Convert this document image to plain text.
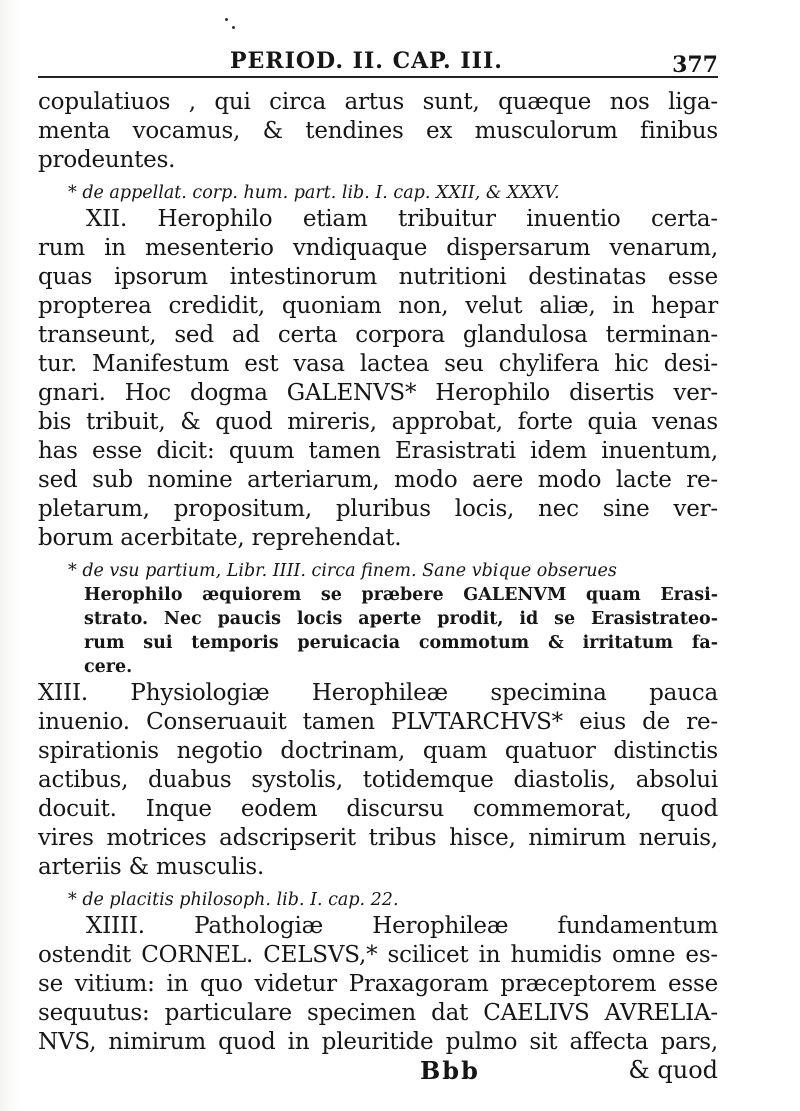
PERIOD. II. CAP. III.	377
copulatiuos , qui circa artus sunt, quæque nos liga-
menta vocamus, & tendines ex musculorum finibus
prodeuntes.
* de appellat. corp. hum. part. lib. I. cap. XXII, & XXXV.
XII. Herophilo etiam tribuitur inuentio certa-
rum in mesenterio vndiquaque dispersarum venarum,
quas ipsorum intestinorum nutritioni destinatas esse
propterea credidit, quoniam non, velut aliæ, in hepar
transeunt, sed ad certa corpora glandulosa terminan-
tur. Manifestum est vasa lactea seu chylifera hic desi-
gnari. Hoc dogma GALENVS* Herophilo disertis ver-
bis tribuit, & quod mireris, approbat, forte quia venas
has esse dicit: quum tamen Erasistrati idem inuentum,
sed sub nomine arteriarum, modo aere modo lacte re-
pletarum, propositum, pluribus locis, nec sine ver-
borum acerbitate, reprehendat.
* de vsu partium, Libr. IIII. circa finem. Sane vbique obserues
Herophilo æquiorem se præbere GALENVM quam Erasi-
strato. Nec paucis locis aperte prodit, id se Erasistrateo-
rum sui temporis peruicacia commotum & irritatum fa-
cere.
XIII. Physiologiæ Herophileæ specimina pauca
inuenio. Conseruauit tamen PLVTARCHVS* eius de re-
spirationis negotio doctrinam, quam quatuor distinctis
actibus, duabus systolis, totidemque diastolis, absolui
docuit. Inque eodem discursu commemorat, quod
vires motrices adscripserit tribus hisce, nimirum neruis,
arteriis & musculis.
* de placitis philosoph. lib. I. cap. 22.
XIIII. Pathologiæ Herophileæ fundamentum
ostendit CORNEL. CELSVS,* scilicet in humidis omne es-
se vitium: in quo videtur Praxagoram præceptorem esse
sequutus: particulare specimen dat CAELIVS AVRELIA-
NVS, nimirum quod in pleuritide pulmo sit affecta pars,
Bbb	& quod
